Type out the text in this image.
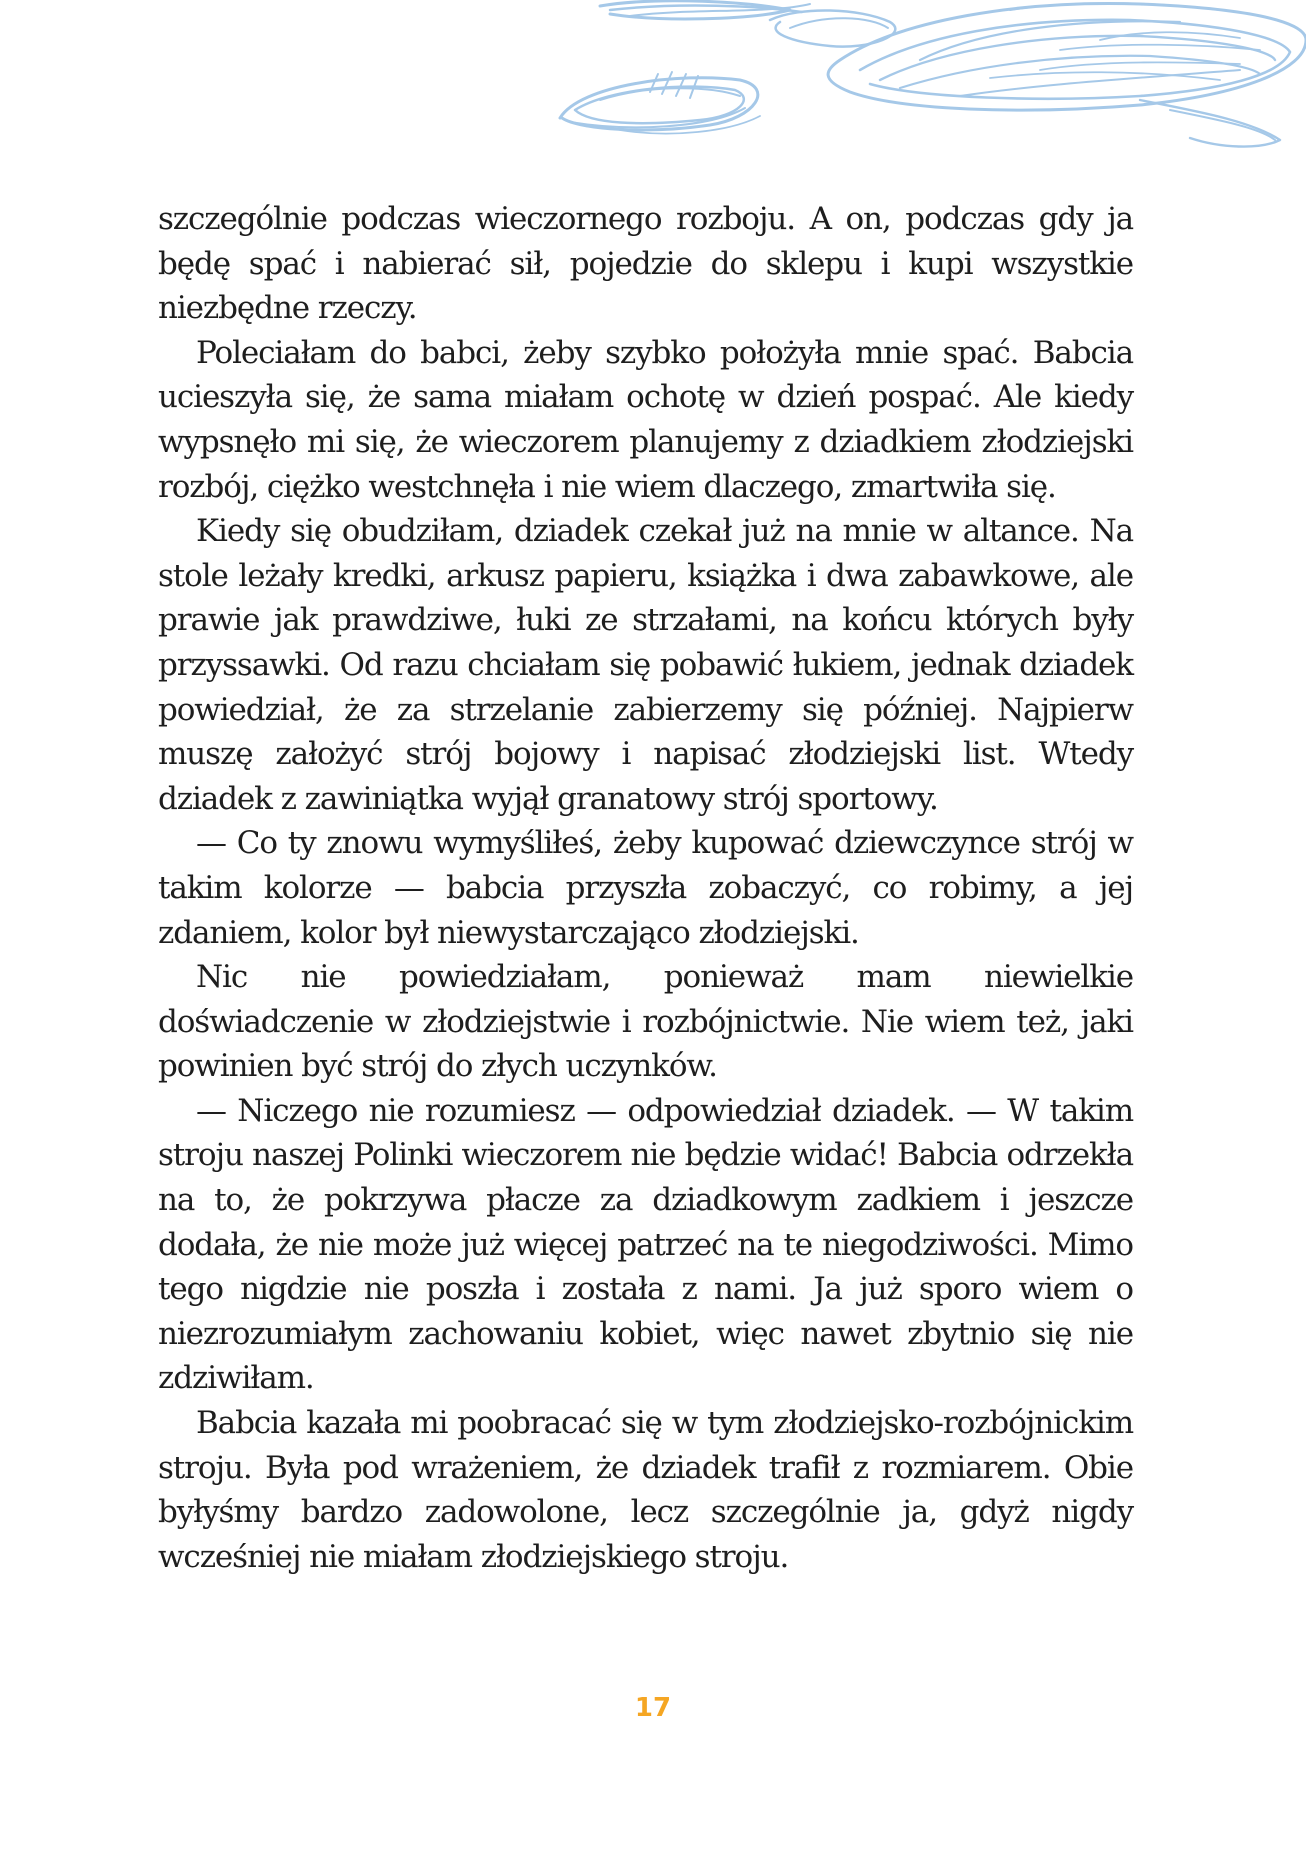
szczególnie podczas wieczornego rozboju. A on, podczas gdy ja będę spać i nabierać sił, pojedzie do sklepu i kupi wszystkie niezbędne rzeczy.

Poleciałam do babci, żeby szybko położyła mnie spać. Babcia ucieszyła się, że sama miałam ochotę w dzień pospać. Ale kiedy wypsnęło mi się, że wieczorem planujemy z dziadkiem złodziejski rozbój, ciężko westchnęła i nie wiem dlaczego, zmartwiła się.

Kiedy się obudziłam, dziadek czekał już na mnie w altance. Na stole leżały kredki, arkusz papieru, książka i dwa zabawkowe, ale prawie jak prawdziwe, łuki ze strzałami, na końcu których były przyssawki. Od razu chciałam się pobawić łukiem, jednak dziadek powiedział, że za strzelanie zabierzemy się później. Najpierw muszę założyć strój bojowy i napisać złodziejski list. Wtedy dziadek z zawiniątka wyjął granatowy strój sportowy.

— Co ty znowu wymyśliłeś, żeby kupować dziewczynce strój w takim kolorze — babcia przyszła zobaczyć, co robimy, a jej zdaniem, kolor był niewystarczająco złodziejski.

Nic nie powiedziałam, ponieważ mam niewielkie doświadczenie w złodziejstwie i rozbójnictwie. Nie wiem też, jaki powinien być strój do złych uczynków.

— Niczego nie rozumiesz — odpowiedział dziadek. — W takim stroju naszej Polinki wieczorem nie będzie widać! Babcia odrzekła na to, że pokrzywa płacze za dziadkowym zadkiem i jeszcze dodała, że nie może już więcej patrzeć na te niegodziwości. Mimo tego nigdzie nie poszła i została z nami. Ja już sporo wiem o niezrozumiałym zachowaniu kobiet, więc nawet zbytnio się nie zdziwiłam.

Babcia kazała mi poobracać się w tym złodziejsko-rozbójnickim stroju. Była pod wrażeniem, że dziadek trafił z rozmiarem. Obie byłyśmy bardzo zadowolone, lecz szczególnie ja, gdyż nigdy wcześniej nie miałam złodziejskiego stroju.

17
